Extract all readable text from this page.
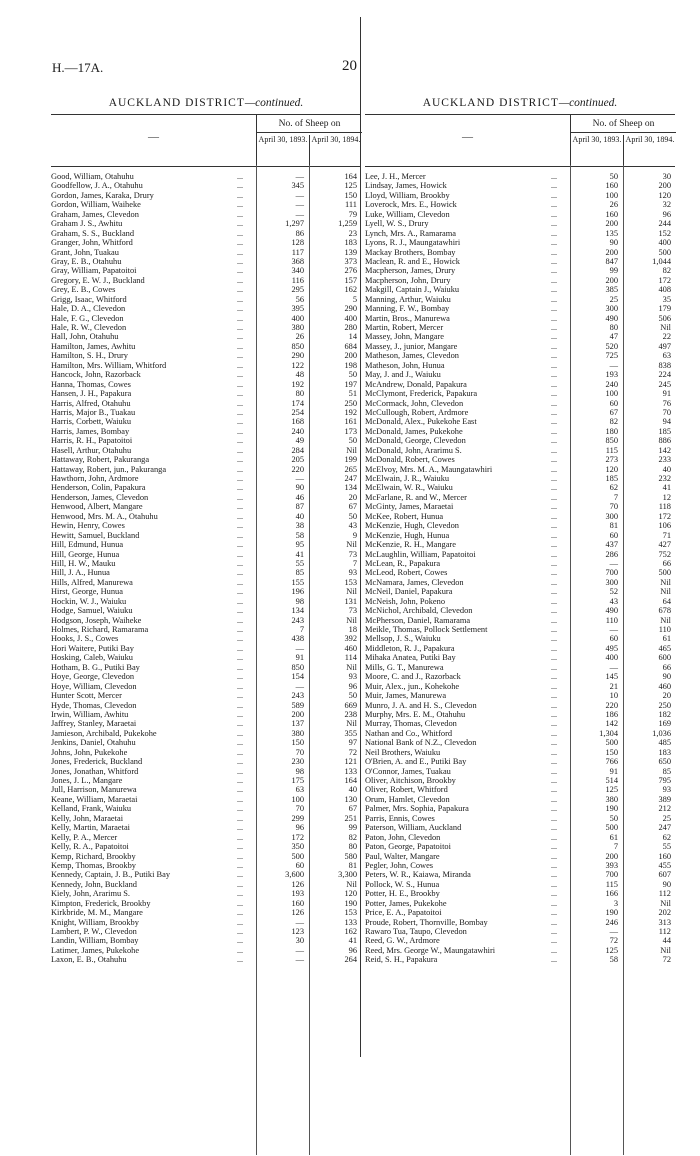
H.—17A.	20
AUCKLAND DISTRICT—continued.
—
No. of Sheep on
April 30, 1893. April 30, 1894.
Good, William, Otahuhu	...	—	164
Goodfellow, J. A., Otahuhu	...	345	125
Gordon, James, Karaka, Drury	...	—	150
Gordon, William, Waiheke	...	—	111
Graham, James, Clevedon	...	—	79
Graham J. S., Awhitu	...	1,297	1,259
Graham, S. S., Buckland	...	86	23
Granger, John, Whitford	...	128	183
Grant, John, Tuakau	...	117	139
Gray, E. B., Otahuhu	...	368	373
Gray, William, Papatoitoi	...	340	276
Gregory, E. W. J., Buckland	...	116	157
Grey, E. B., Cowes	...	295	162
Grigg, Isaac, Whitford	...	56	5
Hale, D. A., Clevedon	...	395	290
Hale, F. G., Clevedon	...	400	400
Hale, R. W., Clevedon	...	380	280
Hall, John, Otahuhu	...	26	14
Hamilton, James, Awhitu	...	850	684
Hamilton, S. H., Drury	...	290	200
Hamilton, Mrs. William, Whitford	...	122	198
Hancock, John, Razorback	...	48	50
Hanna, Thomas, Cowes	...	192	197
Hansen, J. H., Papakura	...	80	51
Harris, Alfred, Otahuhu	...	174	250
Harris, Major B., Tuakau	...	254	192
Harris, Corbett, Waiuku	...	168	161
Harris, James, Bombay	...	240	173
Harris, R. H., Papatoitoi	...	49	50
Hasell, Arthur, Otahuhu	...	284	Nil
Hattaway, Robert, Pakuranga	...	205	199
Hattaway, Robert, jun., Pakuranga	...	220	265
Hawthorn, John, Ardmore	...	—	247
Henderson, Colin, Papakura	...	90	134
Henderson, James, Clevedon	...	46	20
Henwood, Albert, Mangare	...	87	67
Henwood, Mrs. M. A., Otahuhu	...	40	50
Hewin, Henry, Cowes	...	38	43
Hewitt, Samuel, Buckland	...	58	9
Hill, Edmund, Hunua	...	95	Nil
Hill, George, Hunua	...	41	73
Hill, H. W., Mauku	...	55	7
Hill, J. A., Hunua	...	85	93
Hills, Alfred, Manurewa	...	155	153
Hirst, George, Hunua	...	196	Nil
Hockin, W. J., Waiuku	...	98	131
Hodge, Samuel, Waiuku	...	134	73
Hodgson, Joseph, Waiheke	...	243	Nil
Holmes, Richard, Ramarama	...	7	18
Hooks, J. S., Cowes	...	438	392
Hori Waitere, Putiki Bay	...	—	460
Hosking, Caleb, Waiuku	...	91	114
Hotham, B. G., Putiki Bay	...	850	Nil
Hoye, George, Clevedon	...	154	93
Hoye, William, Clevedon	...	—	96
Hunter Scott, Mercer	...	243	50
Hyde, Thomas, Clevedon	...	589	669
Irwin, William, Awhitu	...	200	238
Jaffrey, Stanley, Maraetai	...	137	Nil
Jamieson, Archibald, Pukekohe	...	380	355
Jenkins, Daniel, Otahuhu	...	150	97
Johns, John, Pukekohe	...	70	72
Jones, Frederick, Buckland	...	230	121
Jones, Jonathan, Whitford	...	98	133
Jones, J. L., Mangare	...	175	164
Jull, Harrison, Manurewa	...	63	40
Keane, William, Maraetai	...	100	130
Kelland, Frank, Waiuku	...	70	67
Kelly, John, Maraetai	...	299	251
Kelly, Martin, Maraetai	...	96	99
Kelly, P. A., Mercer	...	172	82
Kelly, R. A., Papatoitoi	...	350	80
Kemp, Richard, Brookby	...	500	580
Kemp, Thomas, Brookby	...	60	81
Kennedy, Captain, J. B., Putiki Bay	...	3,600	3,300
Kennedy, John, Buckland	...	126	Nil
Kiely, John, Ararimu S.	...	193	120
Kimpton, Frederick, Brookby	...	160	190
Kirkbride, M. M., Mangare	...	126	153
Knight, William, Brookby	...	—	133
Lambert, P. W., Clevedon	...	123	162
Landin, William, Bombay	...	30	41
Latimer, James, Pukekohe	...	—	96
Laxon, E. B., Otahuhu	...	—	264
AUCKLAND DISTRICT—continued.
—
No. of Sheep on
April 30, 1893. April 30, 1894.
Lee, J. H., Mercer	...	50	30
Lindsay, James, Howick	...	160	200
Lloyd, William, Brookby	...	100	120
Loverock, Mrs. E., Howick	...	26	32
Luke, William, Clevedon	...	160	96
Lyell, W. S., Drury	...	200	244
Lynch, Mrs. A., Ramarama	...	135	152
Lyons, R. J., Maungatawhiri	...	90	400
Mackay Brothers, Bombay	...	200	500
Maclean, R. and E., Howick	...	847	1,044
Macpherson, James, Drury	...	99	82
Macpherson, John, Drury	...	200	172
Makgill, Captain J., Waiuku	...	385	408
Manning, Arthur, Waiuku	...	25	35
Manning, F. W., Bombay	...	300	179
Martin, Bros., Manurewa	...	490	506
Martin, Robert, Mercer	...	80	Nil
Massey, John, Mangare	...	47	22
Massey, J., junior, Mangare	...	520	497
Matheson, James, Clevedon	...	725	63
Matheson, John, Hunua	...	—	838
May, J. and J., Waiuku	...	193	224
McAndrew, Donald, Papakura	...	240	245
McClymont, Frederick, Papakura	...	100	91
McCormack, John, Clevedon	...	60	76
McCullough, Robert, Ardmore	...	67	70
McDonald, Alex., Pukekohe East	...	82	94
McDonald, James, Pukekohe	...	180	185
McDonald, George, Clevedon	...	850	886
McDonald, John, Ararimu S.	...	115	142
McDonald, Robert, Cowes	...	273	233
McElvoy, Mrs. M. A., Maungatawhiri	...	120	40
McElwain, J. R., Waiuku	...	185	232
McElwain, W. R., Waiuku	...	62	41
McFarlane, R. and W., Mercer	...	7	12
McGinty, James, Maraetai	...	70	118
McKee, Robert, Hunua	...	300	172
McKenzie, Hugh, Clevedon	...	81	106
McKenzie, Hugh, Hunua	...	60	71
McKenzie, R. H., Mangare	...	437	427
McLaughlin, William, Papatoitoi	...	286	752
McLean, R., Papakura	...	—	66
McLeod, Robert, Cowes	...	700	500
McNamara, James, Clevedon	...	300	Nil
McNeil, Daniel, Papakura	...	52	Nil
McNeish, John, Pokeno	...	43	64
McNichol, Archibald, Clevedon	...	490	678
McPherson, Daniel, Ramarama	...	110	Nil
Meikle, Thomas, Pollock Settlement	...	—	110
Mellsop, J. S., Waiuku	...	60	61
Middleton, R. J., Papakura	...	495	465
Mihaka Anatea, Putiki Bay	...	400	600
Mills, G. T., Manurewa	...	—	66
Moore, C. and J., Razorback	...	145	90
Muir, Alex., jun., Kohekohe	...	21	460
Muir, James, Manurewa	...	10	20
Munro, J. A. and H. S., Clevedon	...	220	250
Murphy, Mrs. E. M., Otahuhu	...	186	182
Murray, Thomas, Clevedon	...	142	169
Nathan and Co., Whitford	...	1,304	1,036
National Bank of N.Z., Clevedon	...	500	485
Neil Brothers, Waiuku	...	150	183
O'Brien, A. and E., Putiki Bay	...	766	650
O'Connor, James, Tuakau	...	91	85
Oliver, Aitchison, Brookby	...	514	795
Oliver, Robert, Whitford	...	125	93
Orum, Hamlet, Clevedon	...	380	389
Palmer, Mrs. Sophia, Papakura	...	190	212
Parris, Ennis, Cowes	...	50	25
Paterson, William, Auckland	...	500	247
Paton, John, Clevedon	...	61	62
Paton, George, Papatoitoi	...	7	55
Paul, Walter, Mangare	...	200	160
Pegler, John, Cowes	...	393	455
Peters, W. R., Kaiawa, Miranda	...	700	607
Pollock, W. S., Hunua	...	115	90
Potter, H. E., Brookby	...	166	112
Potter, James, Pukekohe	...	3	Nil
Price, E. A., Papatoitoi	...	190	202
Proude, Robert, Thornville, Bombay	...	246	313
Rawaro Tua, Taupo, Clevedon	...	—	112
Reed, G. W., Ardmore	...	72	44
Reed, Mrs. George W., Maungatawhiri	...	125	Nil
Reid, S. H., Papakura	...	58	72
